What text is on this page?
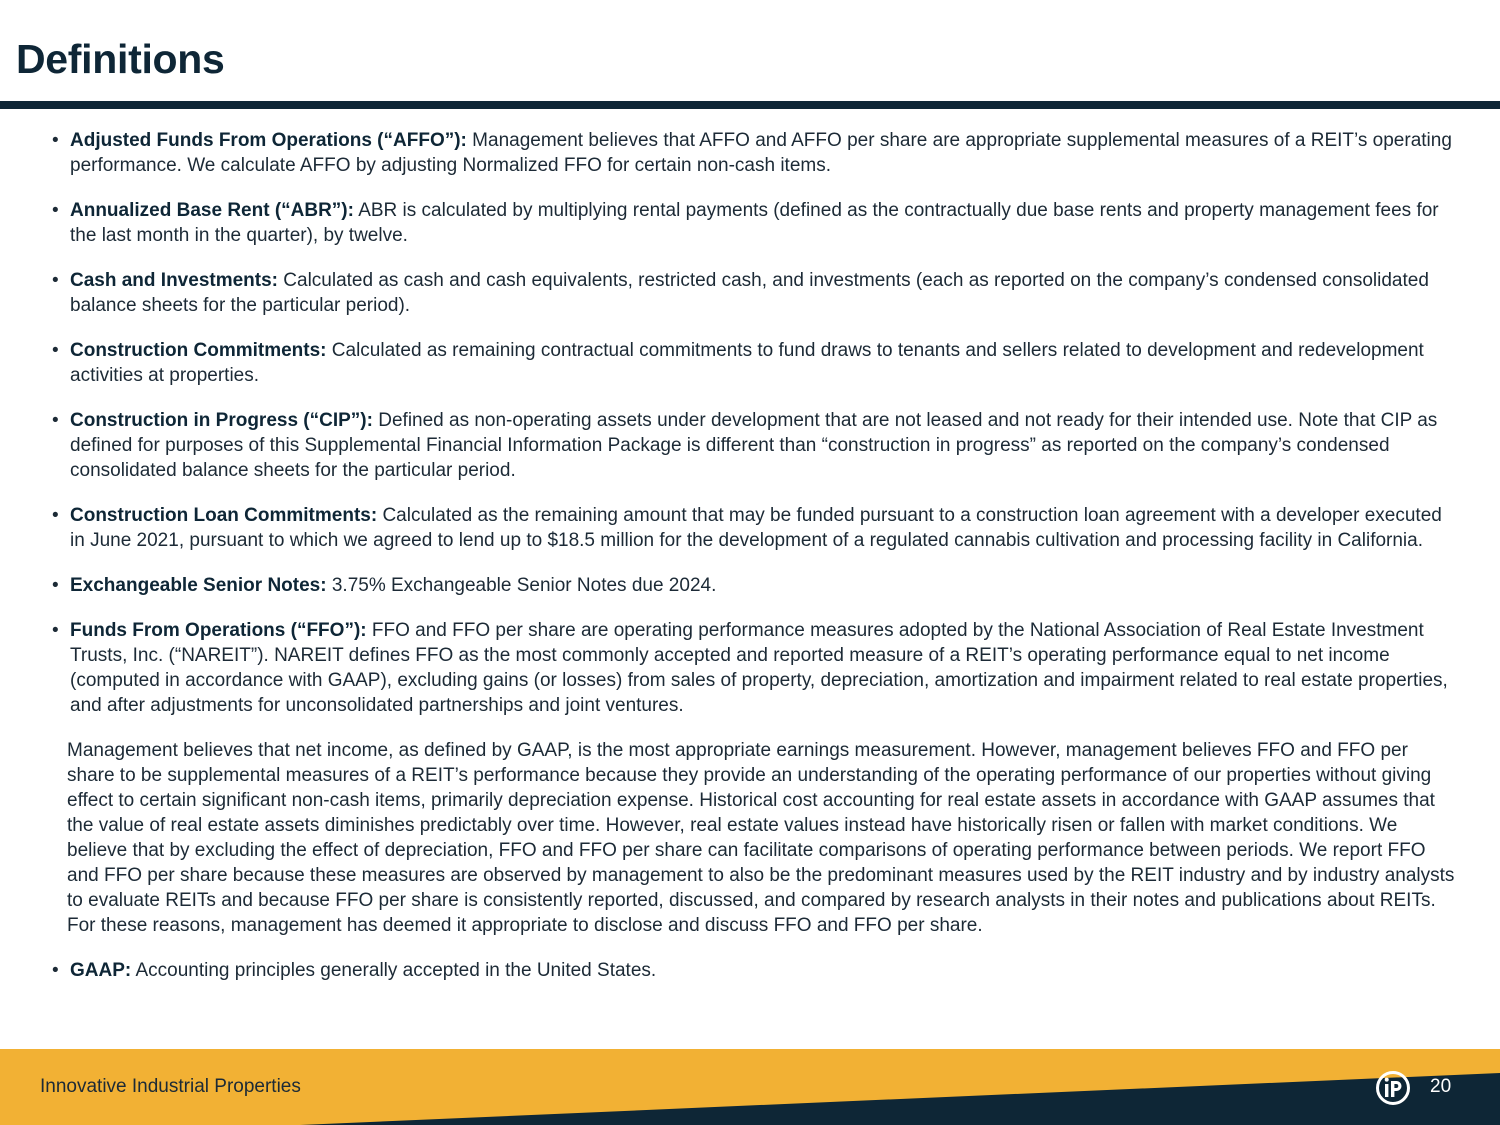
Definitions
• Adjusted Funds From Operations (“AFFO”): Management believes that AFFO and AFFO per share are appropriate supplemental measures of a REIT’s operating performance. We calculate AFFO by adjusting Normalized FFO for certain non-cash items.
• Annualized Base Rent (“ABR”): ABR is calculated by multiplying rental payments (defined as the contractually due base rents and property management fees for the last month in the quarter), by twelve.
• Cash and Investments: Calculated as cash and cash equivalents, restricted cash, and investments (each as reported on the company’s condensed consolidated balance sheets for the particular period).
• Construction Commitments: Calculated as remaining contractual commitments to fund draws to tenants and sellers related to development and redevelopment activities at properties.
• Construction in Progress (“CIP”): Defined as non-operating assets under development that are not leased and not ready for their intended use. Note that CIP as defined for purposes of this Supplemental Financial Information Package is different than “construction in progress” as reported on the company’s condensed consolidated balance sheets for the particular period.
• Construction Loan Commitments: Calculated as the remaining amount that may be funded pursuant to a construction loan agreement with a developer executed in June 2021, pursuant to which we agreed to lend up to $18.5 million for the development of a regulated cannabis cultivation and processing facility in California.
• Exchangeable Senior Notes: 3.75% Exchangeable Senior Notes due 2024.
• Funds From Operations (“FFO”): FFO and FFO per share are operating performance measures adopted by the National Association of Real Estate Investment Trusts, Inc. (“NAREIT”). NAREIT defines FFO as the most commonly accepted and reported measure of a REIT’s operating performance equal to net income (computed in accordance with GAAP), excluding gains (or losses) from sales of property, depreciation, amortization and impairment related to real estate properties, and after adjustments for unconsolidated partnerships and joint ventures.
Management believes that net income, as defined by GAAP, is the most appropriate earnings measurement. However, management believes FFO and FFO per share to be supplemental measures of a REIT’s performance because they provide an understanding of the operating performance of our properties without giving effect to certain significant non-cash items, primarily depreciation expense. Historical cost accounting for real estate assets in accordance with GAAP assumes that the value of real estate assets diminishes predictably over time. However, real estate values instead have historically risen or fallen with market conditions. We believe that by excluding the effect of depreciation, FFO and FFO per share can facilitate comparisons of operating performance between periods. We report FFO and FFO per share because these measures are observed by management to also be the predominant measures used by the REIT industry and by industry analysts to evaluate REITs and because FFO per share is consistently reported, discussed, and compared by research analysts in their notes and publications about REITs. For these reasons, management has deemed it appropriate to disclose and discuss FFO and FFO per share.
• GAAP: Accounting principles generally accepted in the United States.
Innovative Industrial Properties	20
